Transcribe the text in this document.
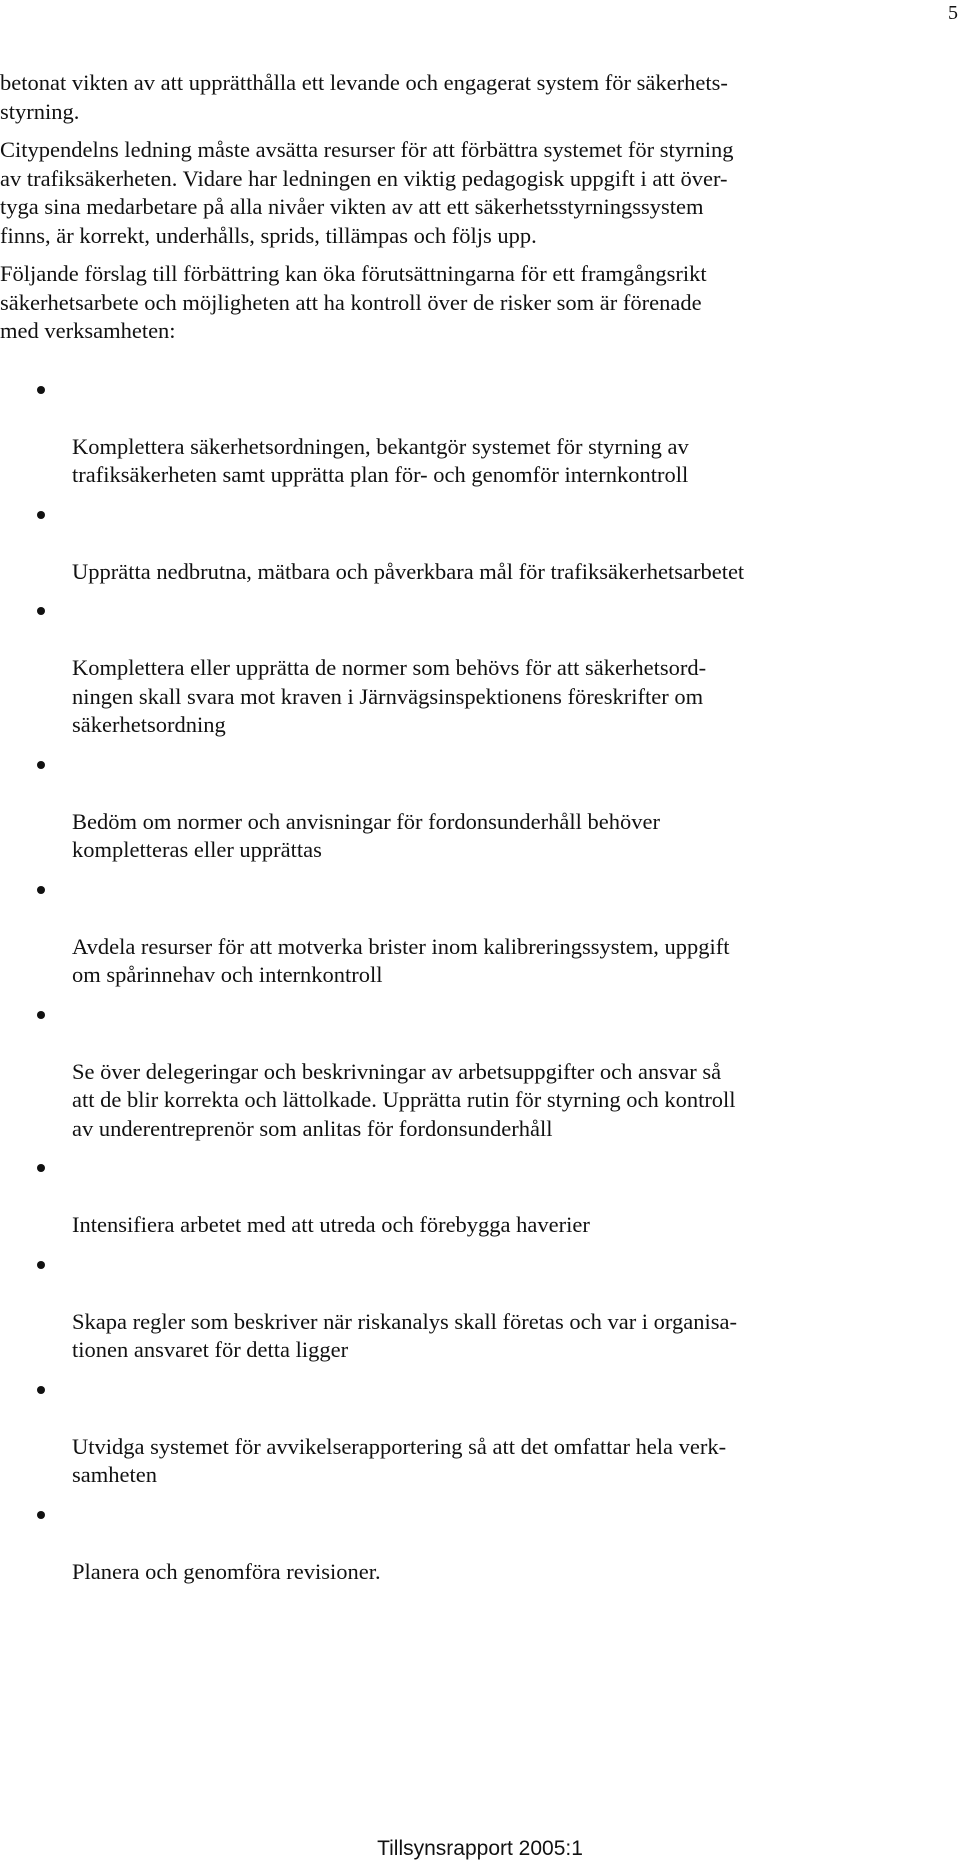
5

betonat vikten av att upprätthålla ett levande och engagerat system för säkerhets-
styrning.

Citypendelns ledning måste avsätta resurser för att förbättra systemet för styrning
av trafiksäkerheten. Vidare har ledningen en viktig pedagogisk uppgift i att över-
tyga sina medarbetare på alla nivåer vikten av att ett säkerhetsstyrningssystem
finns, är korrekt, underhålls, sprids, tillämpas och följs upp.

Följande förslag till förbättring kan öka förutsättningarna för ett framgångsrikt
säkerhetsarbete och möjligheten att ha kontroll över de risker som är förenade
med verksamheten:

Komplettera säkerhetsordningen, bekantgör systemet för styrning av
trafiksäkerheten samt upprätta plan för- och genomför internkontroll

Upprätta nedbrutna, mätbara och påverkbara mål för trafiksäkerhetsarbetet

Komplettera eller upprätta de normer som behövs för att säkerhetsord-
ningen skall svara mot kraven i Järnvägsinspektionens föreskrifter om
säkerhetsordning

Bedöm om normer och anvisningar för fordonsunderhåll behöver
kompletteras eller upprättas

Avdela resurser för att motverka brister inom kalibreringssystem, uppgift
om spårinnehav och internkontroll

Se över delegeringar och beskrivningar av arbetsuppgifter och ansvar så
att de blir korrekta och lättolkade. Upprätta rutin för styrning och kontroll
av underentreprenör som anlitas för fordonsunderhåll

Intensifiera arbetet med att utreda och förebygga haverier

Skapa regler som beskriver när riskanalys skall företas och var i organisa-
tionen ansvaret för detta ligger

Utvidga systemet för avvikelserapportering så att det omfattar hela verk-
samheten

Planera och genomföra revisioner.

Tillsynsrapport 2005:1
